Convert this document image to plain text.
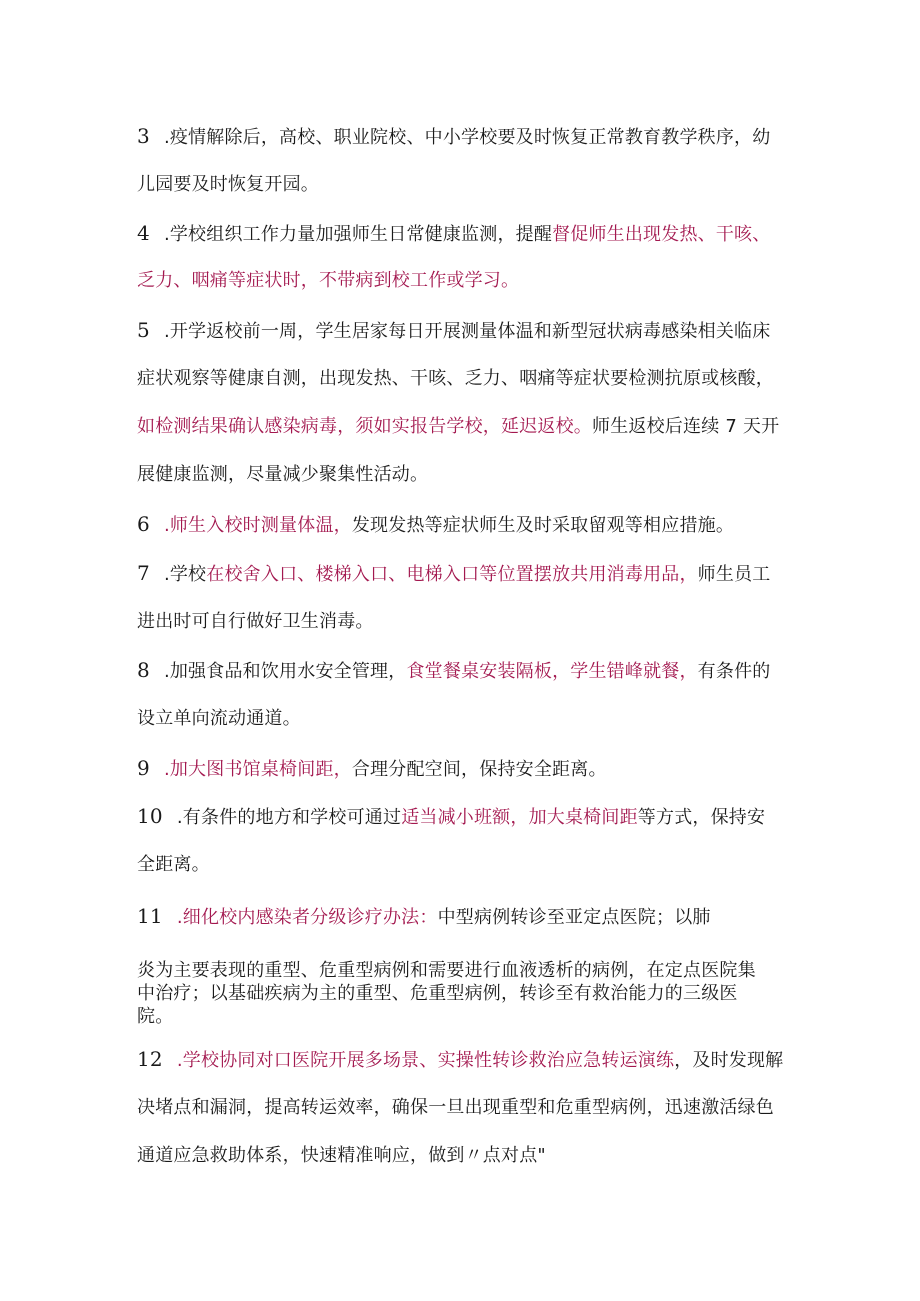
3 .疫情解除后，高校、职业院校、中小学校要及时恢复正常教育教学秩序，幼
儿园要及时恢复开园。
4 .学校组织工作力量加强师生日常健康监测，提醒督促师生出现发热、干咳、
乏力、咽痛等症状时，不带病到校工作或学习。
5 .开学返校前一周，学生居家每日开展测量体温和新型冠状病毒感染相关临床
症状观察等健康自测，出现发热、干咳、乏力、咽痛等症状要检测抗原或核酸，
如检测结果确认感染病毒，须如实报告学校，延迟返校。师生返校后连续 7 天开
展健康监测，尽量减少聚集性活动。
6 .师生入校时测量体温，发现发热等症状师生及时采取留观等相应措施。
7 .学校在校舍入口、楼梯入口、电梯入口等位置摆放共用消毒用品，师生员工
进出时可自行做好卫生消毒。
8 .加强食品和饮用水安全管理，食堂餐桌安装隔板，学生错峰就餐，有条件的
设立单向流动通道。
9 .加大图书馆桌椅间距，合理分配空间，保持安全距离。
10 .有条件的地方和学校可通过适当减小班额，加大桌椅间距等方式，保持安
全距离。
11 .细化校内感染者分级诊疗办法：中型病例转诊至亚定点医院；以肺
炎为主要表现的重型、危重型病例和需要进行血液透析的病例，在定点医院集
中治疗；以基础疾病为主的重型、危重型病例，转诊至有救治能力的三级医
院。
12 .学校协同对口医院开展多场景、实操性转诊救治应急转运演练，及时发现解
决堵点和漏洞，提高转运效率，确保一旦出现重型和危重型病例，迅速激活绿色
通道应急救助体系，快速精准响应，做到〃点对点"
